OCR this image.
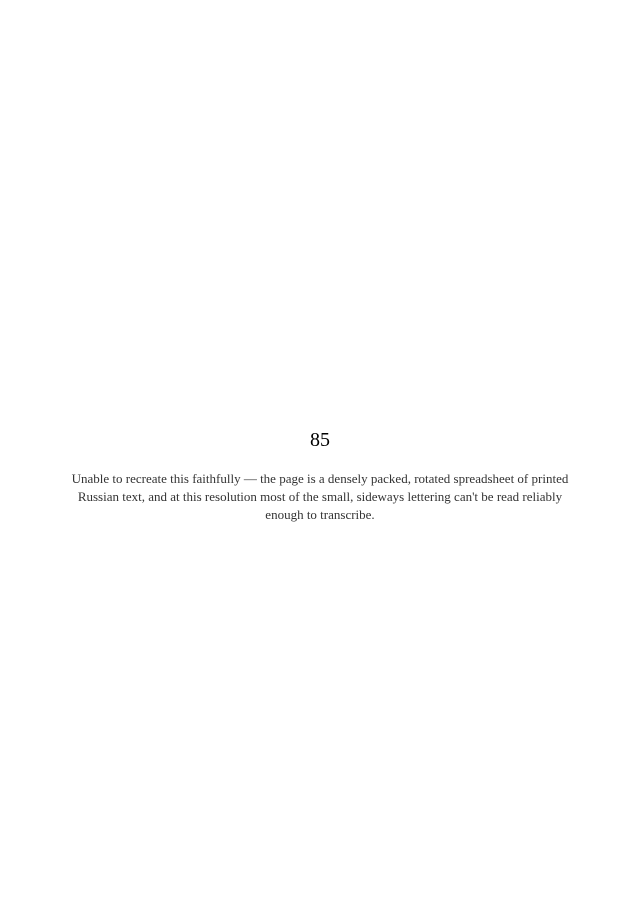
85
Unable to recreate this faithfully — the page is a densely packed, rotated spreadsheet of printed Russian text, and at this resolution most of the small, sideways lettering can't be read reliably enough to transcribe.
